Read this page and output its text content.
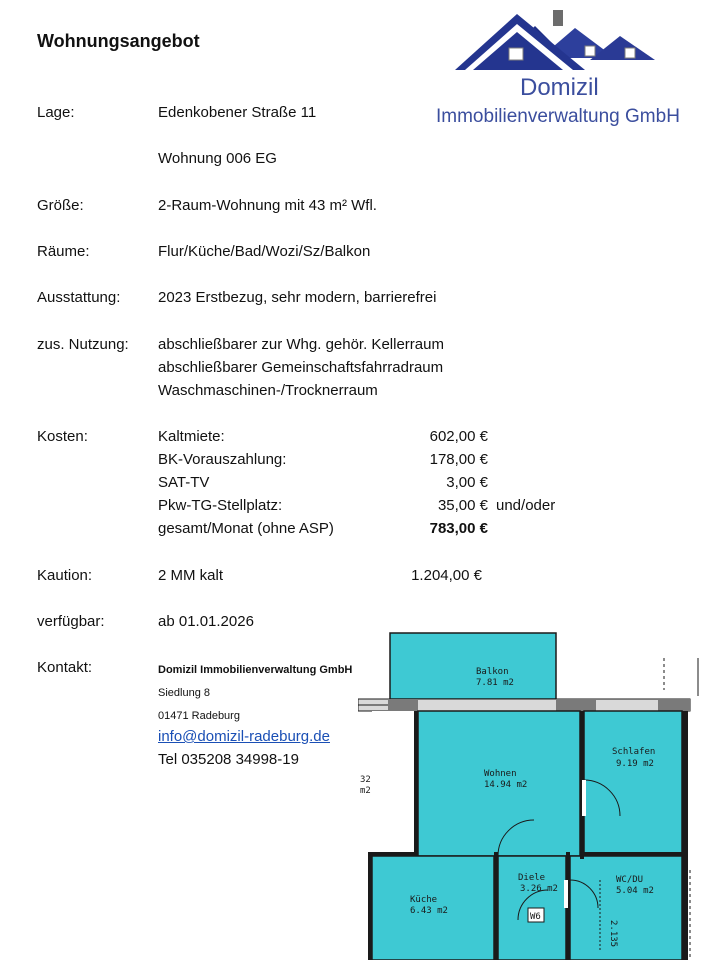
Wohnungsangebot
Domizil
Immobilienverwaltung GmbH
Lage:	Edenkobener Straße 11
Wohnung 006 EG
Größe:	2-Raum-Wohnung mit 43 m² Wfl.
Räume:	Flur/Küche/Bad/Wozi/Sz/Balkon
Ausstattung:	2023 Erstbezug, sehr modern, barrierefrei
zus. Nutzung: abschließbarer zur Whg. gehör. Kellerraum
abschließbarer Gemeinschaftsfahrradraum
Waschmaschinen-/Trocknerraum
Kosten:	Kaltmiete:	602,00 €
BK-Vorauszahlung:	178,00 €
SAT-TV	3,00 €
Pkw-TG-Stellplatz:	35,00 € und/oder
gesamt/Monat (ohne ASP)	783,00 €
Kaution:	2 MM kalt	1.204,00 €
verfügbar:	ab 01.01.2026
Kontakt:	Domizil Immobilienverwaltung GmbH
Siedlung 8
01471 Radeburg
info@domizil-radeburg.de
Tel 035208 34998-19
W6
2.135
32
m2
Balkon
7.81 m2
Wohnen
14.94 m2
Schlafen
9.19 m2
Küche
6.43 m2
Diele
3.26 m2
WC/DU
5.04 m2
